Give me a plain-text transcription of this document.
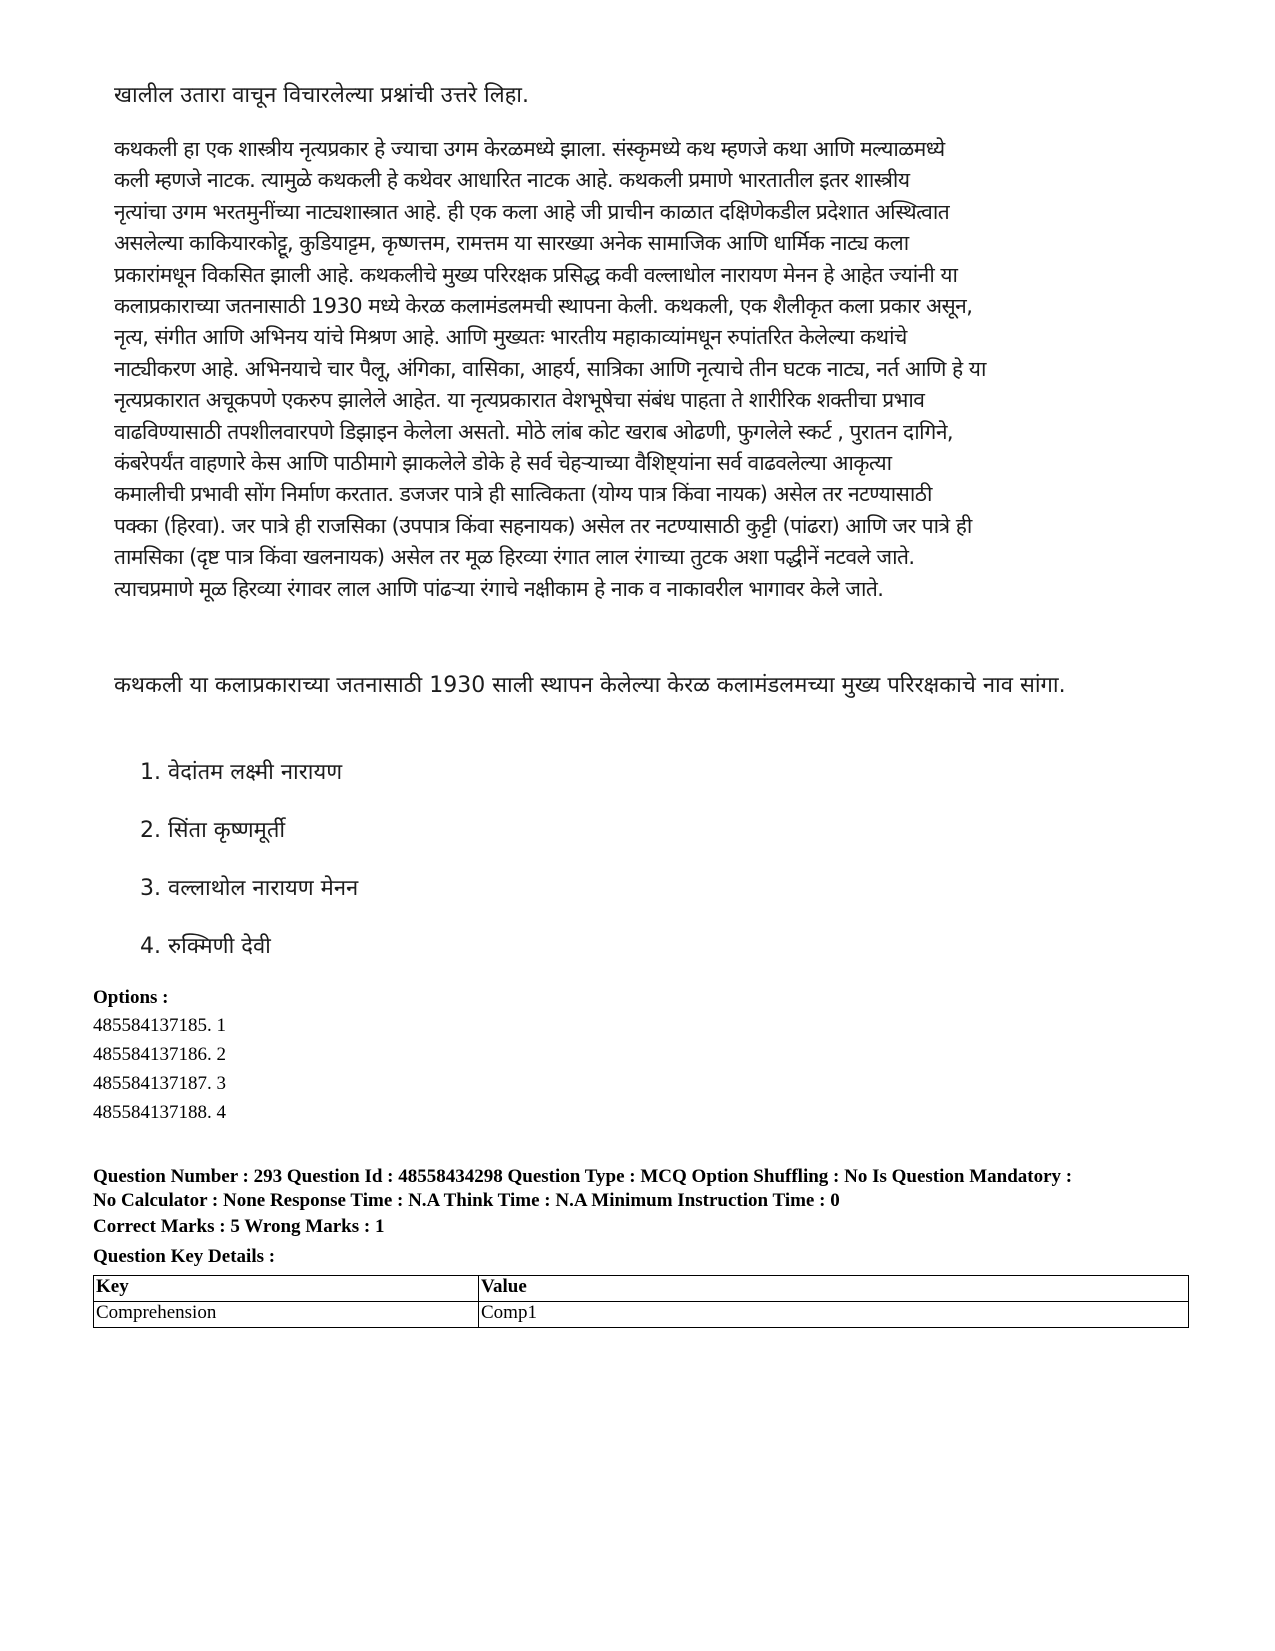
खालील उतारा वाचून विचारलेल्या प्रश्नांची उत्तरे लिहा.

कथकली हा एक शास्त्रीय नृत्यप्रकार हे ज्याचा उगम केरळमध्ये झाला. संस्कृमध्ये कथ म्हणजे कथा आणि मल्याळमध्ये
कली म्हणजे नाटक. त्यामुळे कथकली हे कथेवर आधारित नाटक आहे. कथकली प्रमाणे भारतातील इतर शास्त्रीय
नृत्यांचा उगम भरतमुनींच्या नाट्यशास्त्रात आहे. ही एक कला आहे जी प्राचीन काळात दक्षिणेकडील प्रदेशात अस्थित्वात
असलेल्या काकियारकोट्टू, कुडियाट्टम, कृष्णत्तम, रामत्तम या सारख्या अनेक सामाजिक आणि धार्मिक नाट्य कला
प्रकारांमधून विकसित झाली आहे. कथकलीचे मुख्य परिरक्षक प्रसिद्ध कवी वल्लाधोल नारायण मेनन हे आहेत ज्यांनी या
कलाप्रकाराच्या जतनासाठी 1930 मध्ये केरळ कलामंडलमची स्थापना केली. कथकली, एक शैलीकृत कला प्रकार असून,
नृत्य, संगीत आणि अभिनय यांचे मिश्रण आहे. आणि मुख्यतः भारतीय महाकाव्यांमधून रुपांतरित केलेल्या कथांचे
नाट्यीकरण आहे. अभिनयाचे चार पैलू, अंगिका, वासिका, आहर्य, सात्रिका आणि नृत्याचे तीन घटक नाट्य, नर्त आणि हे या
नृत्यप्रकारात अचूकपणे एकरुप झालेले आहेत. या नृत्यप्रकारात वेशभूषेचा संबंध पाहता ते शारीरिक शक्तीचा प्रभाव
वाढविण्यासाठी तपशीलवारपणे डिझाइन केलेला असतो. मोठे लांब कोट खराब ओढणी, फुगलेले स्कर्ट , पुरातन दागिने,
कंबरेपर्यंत वाहणारे केस आणि पाठीमागे झाकलेले डोके हे सर्व चेहऱ्याच्या वैशिष्ट्यांना सर्व वाढवलेल्या आकृत्या
कमालीची प्रभावी सोंग निर्माण करतात. डजजर पात्रे ही सात्विकता (योग्य पात्र किंवा नायक) असेल तर नटण्यासाठी
पक्का (हिरवा). जर पात्रे ही राजसिका (उपपात्र किंवा सहनायक) असेल तर नटण्यासाठी कुट्टी (पांढरा) आणि जर पात्रे ही
तामसिका (दृष्ट पात्र किंवा खलनायक) असेल तर मूळ हिरव्या रंगात लाल रंगाच्या तुटक अशा पद्धीनें नटवले जाते.
त्याचप्रमाणे मूळ हिरव्या रंगावर लाल आणि पांढऱ्या रंगाचे नक्षीकाम हे नाक व नाकावरील भागावर केले जाते.

कथकली या कलाप्रकाराच्या जतनासाठी 1930 साली स्थापन केलेल्या केरळ कलामंडलमच्या मुख्य परिरक्षकाचे नाव सांगा.

1. वेदांतम लक्ष्मी नारायण
2. सिंता कृष्णमूर्ती
3. वल्लाथोल नारायण मेनन
4. रुक्मिणी देवी
Options :
485584137185. 1
485584137186. 2
485584137187. 3
485584137188. 4
Question Number : 293 Question Id : 48558434298 Question Type : MCQ Option Shuffling : No Is Question Mandatory :
No Calculator : None Response Time : N.A Think Time : N.A Minimum Instruction Time : 0
Correct Marks : 5 Wrong Marks : 1
Question Key Details :
Key	Value
Comprehension	Comp1
